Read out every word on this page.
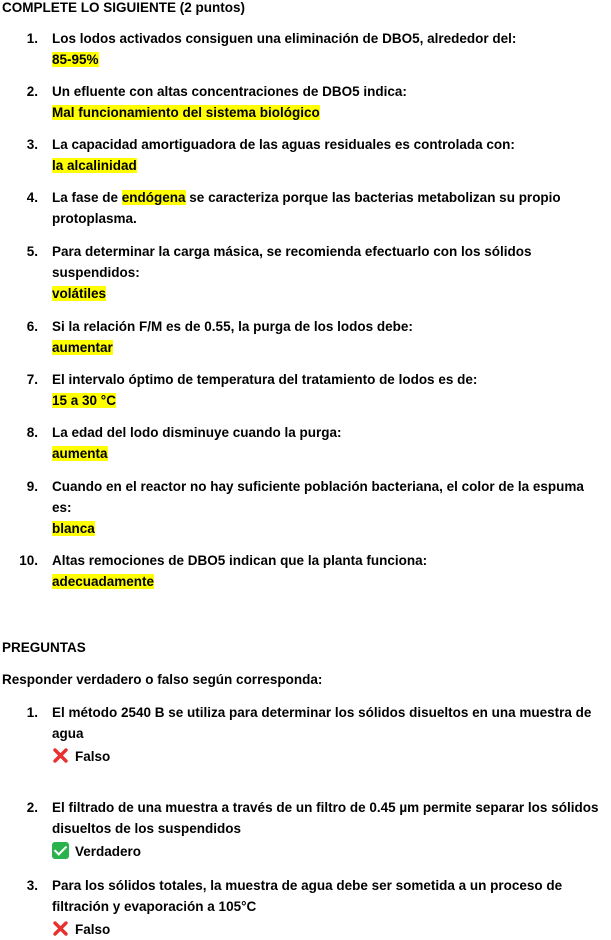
COMPLETE LO SIGUIENTE (2 puntos)
1. Los lodos activados consiguen una eliminación de DBO5, alrededor del:
85-95%
2. Un efluente con altas concentraciones de DBO5 indica:
Mal funcionamiento del sistema biológico
3. La capacidad amortiguadora de las aguas residuales es controlada con:
la alcalinidad
4. La fase de endógena se caracteriza porque las bacterias metabolizan su propio
protoplasma.
5. Para determinar la carga másica, se recomienda efectuarlo con los sólidos
suspendidos:
volátiles
6. Si la relación F/M es de 0.55, la purga de los lodos debe:
aumentar
7. El intervalo óptimo de temperatura del tratamiento de lodos es de:
15 a 30 °C
8. La edad del lodo disminuye cuando la purga:
aumenta
9. Cuando en el reactor no hay suficiente población bacteriana, el color de la espuma
es:
blanca
10. Altas remociones de DBO5 indican que la planta funciona:
adecuadamente
PREGUNTAS
Responder verdadero o falso según corresponda:
1. El método 2540 B se utiliza para determinar los sólidos disueltos en una muestra de
agua
Falso
2. El filtrado de una muestra a través de un filtro de 0.45 µm permite separar los sólidos
disueltos de los suspendidos
Verdadero
3. Para los sólidos totales, la muestra de agua debe ser sometida a un proceso de
filtración y evaporación a 105°C
Falso
